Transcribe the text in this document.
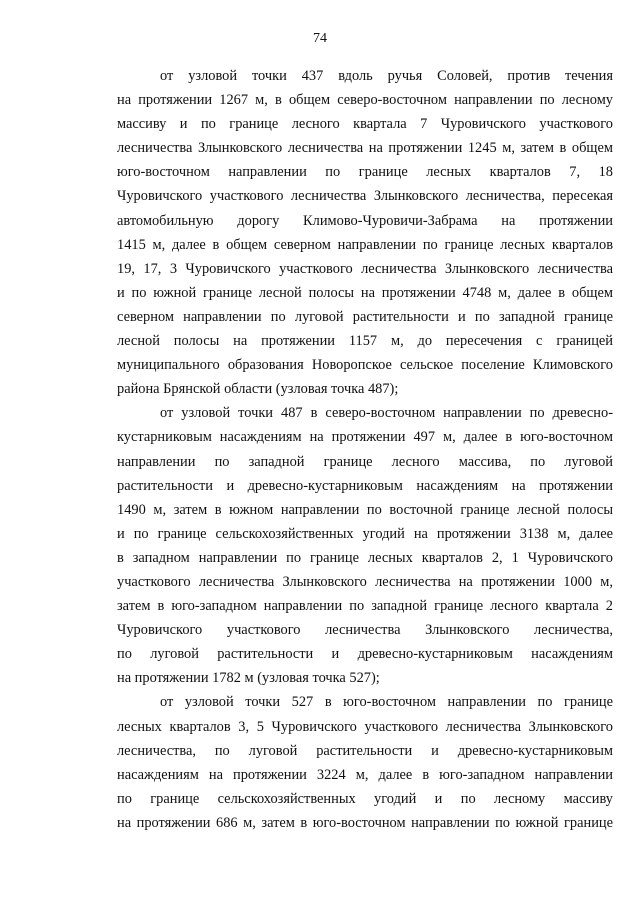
74
от узловой точки 437 вдоль ручья Соловей, против течения
на протяжении 1267 м, в общем северо-восточном направлении по лесному
массиву и по границе лесного квартала 7 Чуровичского участкового
лесничества Злынковского лесничества на протяжении 1245 м, затем в общем
юго-восточном направлении по границе лесных кварталов 7, 18
Чуровичского участкового лесничества Злынковского лесничества, пересекая
автомобильную дорогу Климово-Чуровичи-Забрама на протяжении
1415 м, далее в общем северном направлении по границе лесных кварталов
19, 17, 3 Чуровичского участкового лесничества Злынковского лесничества
и по южной границе лесной полосы на протяжении 4748 м, далее в общем
северном направлении по луговой растительности и по западной границе
лесной полосы на протяжении 1157 м, до пересечения с границей
муниципального образования Новоропское сельское поселение Климовского
района Брянской области (узловая точка 487);
от узловой точки 487 в северо-восточном направлении по древесно-
кустарниковым насаждениям на протяжении 497 м, далее в юго-восточном
направлении по западной границе лесного массива, по луговой
растительности и древесно-кустарниковым насаждениям на протяжении
1490 м, затем в южном направлении по восточной границе лесной полосы
и по границе сельскохозяйственных угодий на протяжении 3138 м, далее
в западном направлении по границе лесных кварталов 2, 1 Чуровичского
участкового лесничества Злынковского лесничества на протяжении 1000 м,
затем в юго-западном направлении по западной границе лесного квартала 2
Чуровичского участкового лесничества Злынковского лесничества,
по луговой растительности и древесно-кустарниковым насаждениям
на протяжении 1782 м (узловая точка 527);
от узловой точки 527 в юго-восточном направлении по границе
лесных кварталов 3, 5 Чуровичского участкового лесничества Злынковского
лесничества, по луговой растительности и древесно-кустарниковым
насаждениям на протяжении 3224 м, далее в юго-западном направлении
по границе сельскохозяйственных угодий и по лесному массиву
на протяжении 686 м, затем в юго-восточном направлении по южной границе
